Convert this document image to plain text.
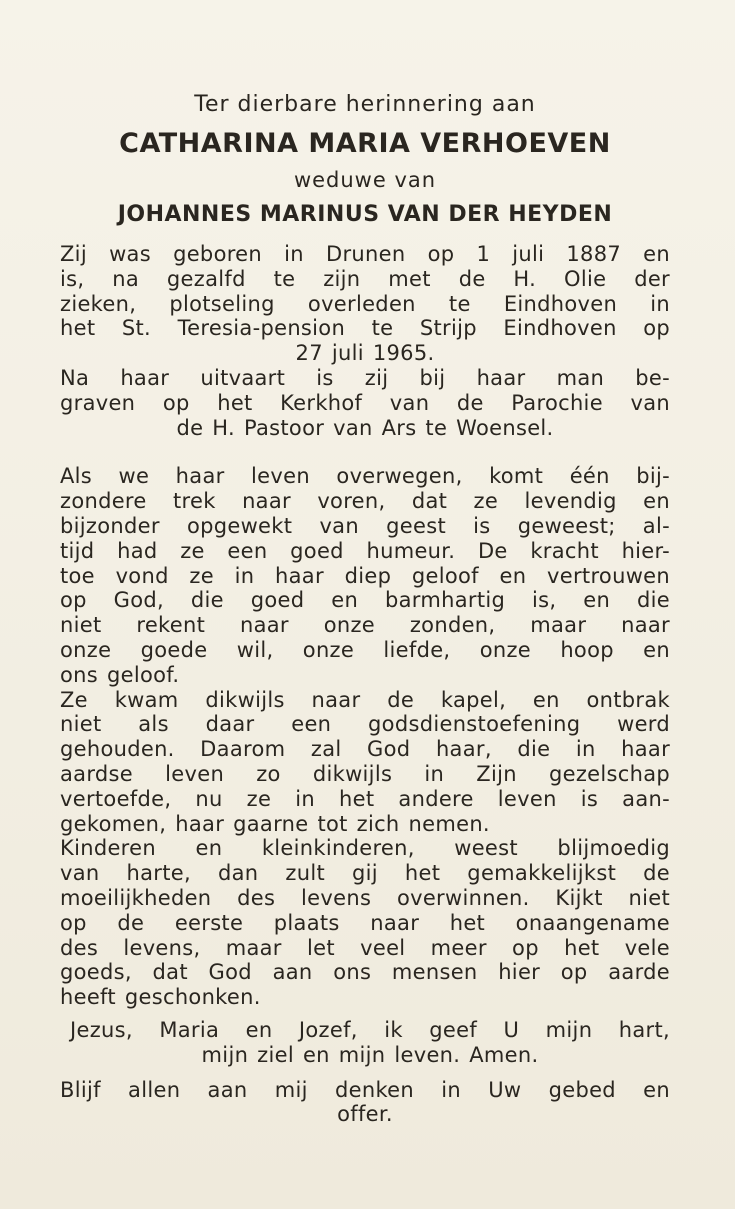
Ter dierbare herinnering aan

CATHARINA MARIA VERHOEVEN

weduwe van

JOHANNES MARINUS VAN DER HEYDEN

Zij was geboren in Drunen op 1 juli 1887 en
is, na gezalfd te zijn met de H. Olie der
zieken, plotseling overleden te Eindhoven in
het St. Teresia-pension te Strijp Eindhoven op
27 juli 1965.
Na haar uitvaart is zij bij haar man be-
graven op het Kerkhof van de Parochie van
de H. Pastoor van Ars te Woensel.
Als we haar leven overwegen, komt één bij-
zondere trek naar voren, dat ze levendig en
bijzonder opgewekt van geest is geweest; al-
tijd had ze een goed humeur. De kracht hier-
toe vond ze in haar diep geloof en vertrouwen
op God, die goed en barmhartig is, en die
niet rekent naar onze zonden, maar naar
onze goede wil, onze liefde, onze hoop en
ons geloof.
Ze kwam dikwijls naar de kapel, en ontbrak
niet als daar een godsdienstoefening werd
gehouden. Daarom zal God haar, die in haar
aardse leven zo dikwijls in Zijn gezelschap
vertoefde, nu ze in het andere leven is aan-
gekomen, haar gaarne tot zich nemen.
Kinderen en kleinkinderen, weest blijmoedig
van harte, dan zult gij het gemakkelijkst de
moeilijkheden des levens overwinnen. Kijkt niet
op de eerste plaats naar het onaangename
des levens, maar let veel meer op het vele
goeds, dat God aan ons mensen hier op aarde
heeft geschonken.
Jezus, Maria en Jozef, ik geef U mijn hart,
mijn ziel en mijn leven. Amen.
Blijf allen aan mij denken in Uw gebed en
offer.
